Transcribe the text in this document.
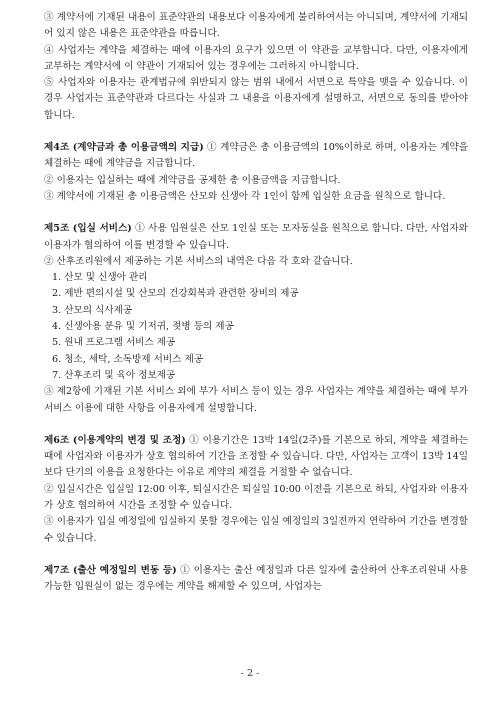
③ 계약서에 기재된 내용이 표준약관의 내용보다 이용자에게 불리하여서는 아니되며, 계약서에 기재되어 있지 않은 내용은 표준약관을 따릅니다.

④ 사업자는 계약을 체결하는 때에 이용자의 요구가 있으면 이 약관을 교부합니다. 다만, 이용자에게 교부하는 계약서에 이 약관이 기재되어 있는 경우에는 그러하지 아니합니다.

⑤ 사업자와 이용자는 관계법규에 위반되지 않는 범위 내에서 서면으로 특약을 맺을 수 있습니다. 이 경우 사업자는 표준약관과 다르다는 사실과 그 내용을 이용자에게 설명하고, 서면으로 동의를 받아야 합니다.

제4조 (계약금과 총 이용금액의 지급) ① 계약금은 총 이용금액의 10%이하로 하며, 이용자는 계약을 체결하는 때에 계약금을 지급합니다.

② 이용자는 입실하는 때에 계약금을 공제한 총 이용금액을 지급합니다.

③ 계약서에 기재된 총 이용금액은 산모와 신생아 각 1인이 함께 입실한 요금을 원칙으로 합니다.

제5조 (입실 서비스) ① 사용 입원실은 산모 1인실 또는 모자동실을 원칙으로 합니다. 다만, 사업자와 이용자가 협의하여 이를 변경할 수 있습니다.

② 산후조리원에서 제공하는 기본 서비스의 내역은 다음 각 호와 같습니다.

1. 산모 및 신생아 관리
2. 제반 편의시설 및 산모의 건강회복과 관련한 장비의 제공
3. 산모의 식사제공
4. 신생아용 분유 및 기저귀, 젖병 등의 제공
5. 원내 프로그램 서비스 제공
6. 청소, 세탁, 소독방제 서비스 제공
7. 산후조리 및 육아 정보제공

③ 제2항에 기재된 기본 서비스 외에 부가 서비스 등이 있는 경우 사업자는 계약을 체결하는 때에 부가 서비스 이용에 대한 사항을 이용자에게 설명합니다.

제6조 (이용계약의 변경 및 조정) ① 이용기간은 13박 14일(2주)를 기본으로 하되, 계약을 체결하는 때에 사업자와 이용자가 상호 협의하여 기간을 조정할 수 있습니다. 다만, 사업자는 고객이 13박 14일보다 단기의 이용을 요청한다는 이유로 계약의 체결을 거절할 수 없습니다.

② 입실시간은 입실일 12:00 이후, 퇴실시간은 퇴실일 10:00 이전을 기본으로 하되, 사업자와 이용자가 상호 협의하여 시간을 조정할 수 있습니다.

③ 이용자가 입실 예정일에 입실하지 못할 경우에는 입실 예정일의 3일전까지 연락하여 기간을 변경할 수 있습니다.

제7조 (출산 예정일의 변동 등) ① 이용자는 출산 예정일과 다른 일자에 출산하여 산후조리원내 사용 가능한 입원실이 없는 경우에는 계약을 해제할 수 있으며, 사업자는

- 2 -
